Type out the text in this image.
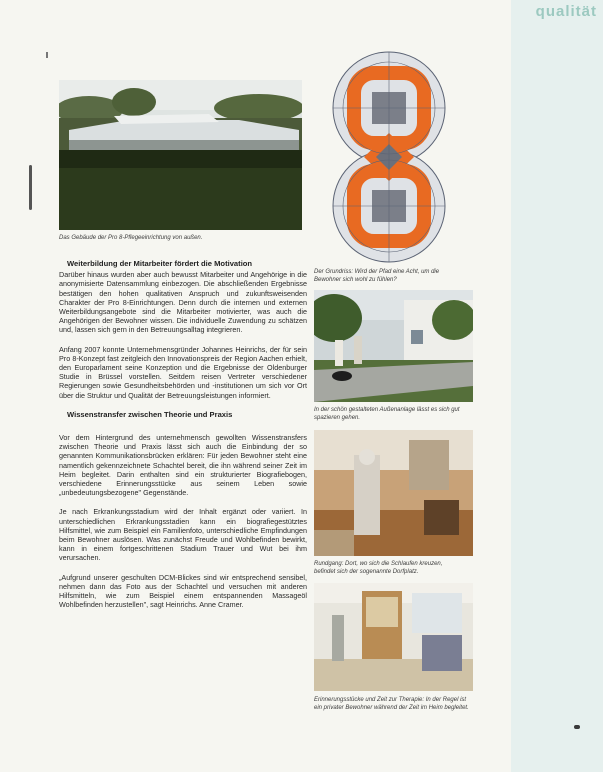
qualität
Das Gebäude der Pro 8-Pflegeeinrichtung von außen.
Der Grundriss: Wird der Pfad eine Acht, um die Bewohner sich wohl zu fühlen?
In der schön gestalteten Außenanlage lässt es sich gut spazieren gehen.
Rundgang: Dort, wo sich die Schlaufen kreuzen, befindet sich der sogenannte Dorfplatz.
Erinnerungsstücke und Zeit zur Therapie: In der Regel ist ein privater Bewohner während der Zeit im Heim begleitet.
Weiterbildung der Mitarbeiter fördert die Motivation

Darüber hinaus wurden aber auch bewusst Mitarbeiter und Angehörige in die anonymisierte Datensammlung einbezogen. Die abschließenden Ergebnisse bestätigen den hohen qualitativen Anspruch und zukunftsweisenden Charakter der Pro 8-Einrichtungen. Denn durch die internen und externen Weiterbildungsangebote sind die Mitarbeiter motivierter, was auch die Angehörigen der Bewohner wissen. Die individuelle Zuwendung zu schätzen und, lassen sich gern in den Betreuungsalltag integrieren.

Anfang 2007 konnte Unternehmensgründer Johannes Heinrichs, der für sein Pro 8-Konzept fast zeitgleich den Innovationspreis der Region Aachen erhielt, den Europarlament seine Konzeption und die Ergebnisse der Oldenburger Studie in Brüssel vorstellen. Seitdem reisen Vertreter verschiedener Regierungen sowie Gesundheitsbehörden und -institutionen um sich vor Ort über die Struktur und Qualität der Betreuungsleistungen informiert.

Wissenstransfer zwischen Theorie und Praxis

Vor dem Hintergrund des unternehmensch gewollten Wissenstransfers zwischen Theorie und Praxis lässt sich auch die Einbindung der so genannten Kommunikationsbrücken erklären: Für jeden Bewohner steht eine namentlich gekennzeichnete Schachtel bereit, die ihn während seiner Zeit im Heim begleitet. Darin enthalten sind ein strukturierter Biografiebogen, verschiedene Erinnerungsstücke aus seinem Leben sowie „unbedeutungsbezogene" Gegenstände.

Je nach Erkrankungsstadium wird der Inhalt ergänzt oder variiert. In unterschiedlichen Erkrankungsstadien kann ein biografiegestütztes Hilfsmittel, wie zum Beispiel ein Familienfoto, unterschiedliche Empfindungen beim Bewohner auslösen. Was zunächst Freude und Wohlbefinden bewirkt, kann in einem fortgeschrittenen Stadium Trauer und Wut bei ihm verursachen.

„Aufgrund unserer geschulten DCM-Blickes sind wir entsprechend sensibel, nehmen dann das Foto aus der Schachtel und versuchen mit anderen Hilfsmitteln, wie zum Beispiel einem entspannenden Massageöl Wohlbefinden herzustellen", sagt Heinrichs. Anne Cramer.
